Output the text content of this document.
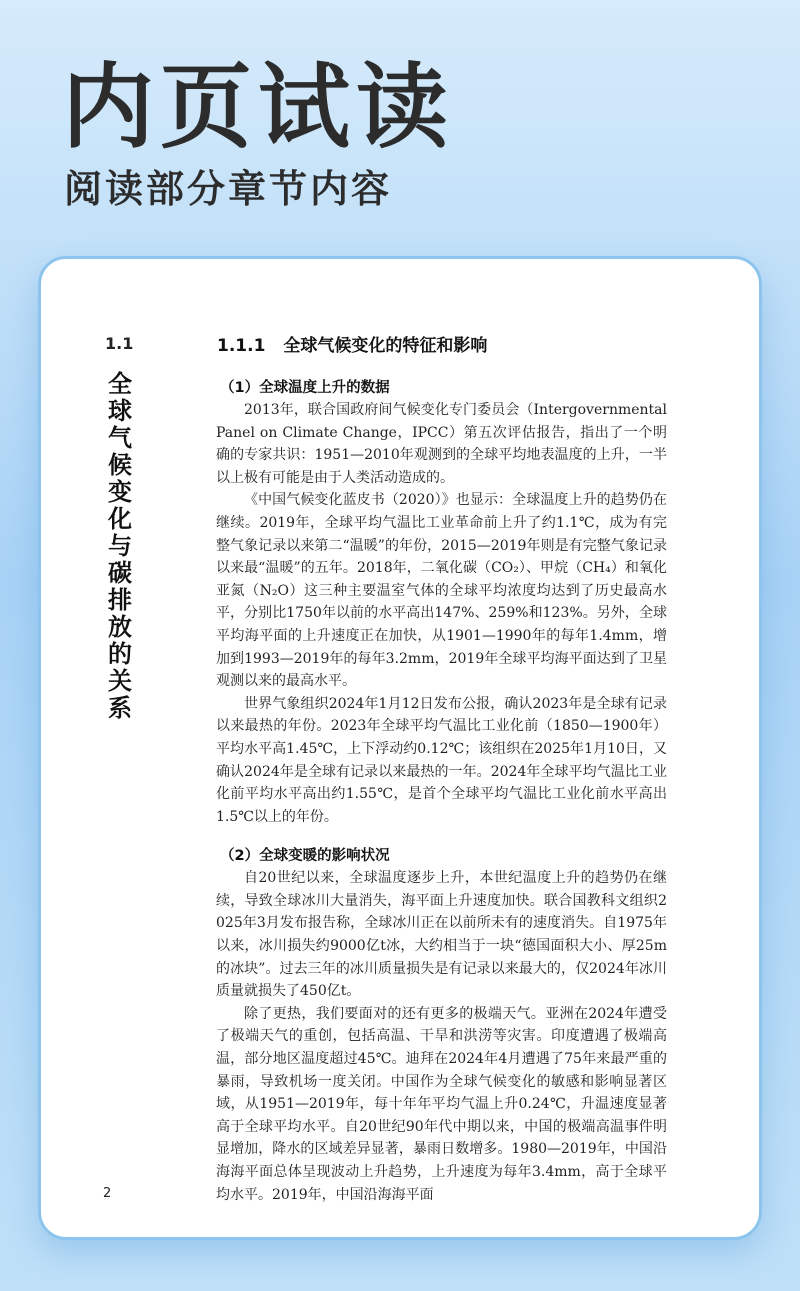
内页试读
阅读部分章节内容
1.1
全球气候变化与碳排放的关系
1.1.1 全球气候变化的特征和影响

（1）全球温度上升的数据

2013年，联合国政府间气候变化专门委员会（Intergovernmental Panel on Climate Change，IPCC）第五次评估报告，指出了一个明确的专家共识：1951—2010年观测到的全球平均地表温度的上升，一半以上极有可能是由于人类活动造成的。

《中国气候变化蓝皮书（2020）》也显示：全球温度上升的趋势仍在继续。2019年，全球平均气温比工业革命前上升了约1.1℃，成为有完整气象记录以来第二“温暖”的年份，2015—2019年则是有完整气象记录以来最“温暖”的五年。2018年，二氧化碳（CO₂）、甲烷（CH₄）和氧化亚氮（N₂O）这三种主要温室气体的全球平均浓度均达到了历史最高水平，分别比1750年以前的水平高出147%、259%和123%。另外，全球平均海平面的上升速度正在加快，从1901—1990年的每年1.4mm，增加到1993—2019年的每年3.2mm，2019年全球平均海平面达到了卫星观测以来的最高水平。

世界气象组织2024年1月12日发布公报，确认2023年是全球有记录以来最热的年份。2023年全球平均气温比工业化前（1850—1900年）平均水平高1.45℃，上下浮动约0.12℃；该组织在2025年1月10日，又确认2024年是全球有记录以来最热的一年。2024年全球平均气温比工业化前平均水平高出约1.55℃，是首个全球平均气温比工业化前水平高出1.5℃以上的年份。

（2）全球变暖的影响状况

自20世纪以来，全球温度逐步上升，本世纪温度上升的趋势仍在继续，导致全球冰川大量消失，海平面上升速度加快。联合国教科文组织2025年3月发布报告称，全球冰川正在以前所未有的速度消失。自1975年以来，冰川损失约9000亿t冰，大约相当于一块“德国面积大小、厚25m的冰块”。过去三年的冰川质量损失是有记录以来最大的，仅2024年冰川质量就损失了450亿t。

除了更热，我们要面对的还有更多的极端天气。亚洲在2024年遭受了极端天气的重创，包括高温、干旱和洪涝等灾害。印度遭遇了极端高温，部分地区温度超过45℃。迪拜在2024年4月遭遇了75年来最严重的暴雨，导致机场一度关闭。中国作为全球气候变化的敏感和影响显著区域，从1951—2019年，每十年年平均气温上升0.24℃，升温速度显著高于全球平均水平。自20世纪90年代中期以来，中国的极端高温事件明显增加，降水的区域差异显著，暴雨日数增多。1980—2019年，中国沿海海平面总体呈现波动上升趋势，上升速度为每年3.4mm，高于全球平均水平。2019年，中国沿海海平面

2
